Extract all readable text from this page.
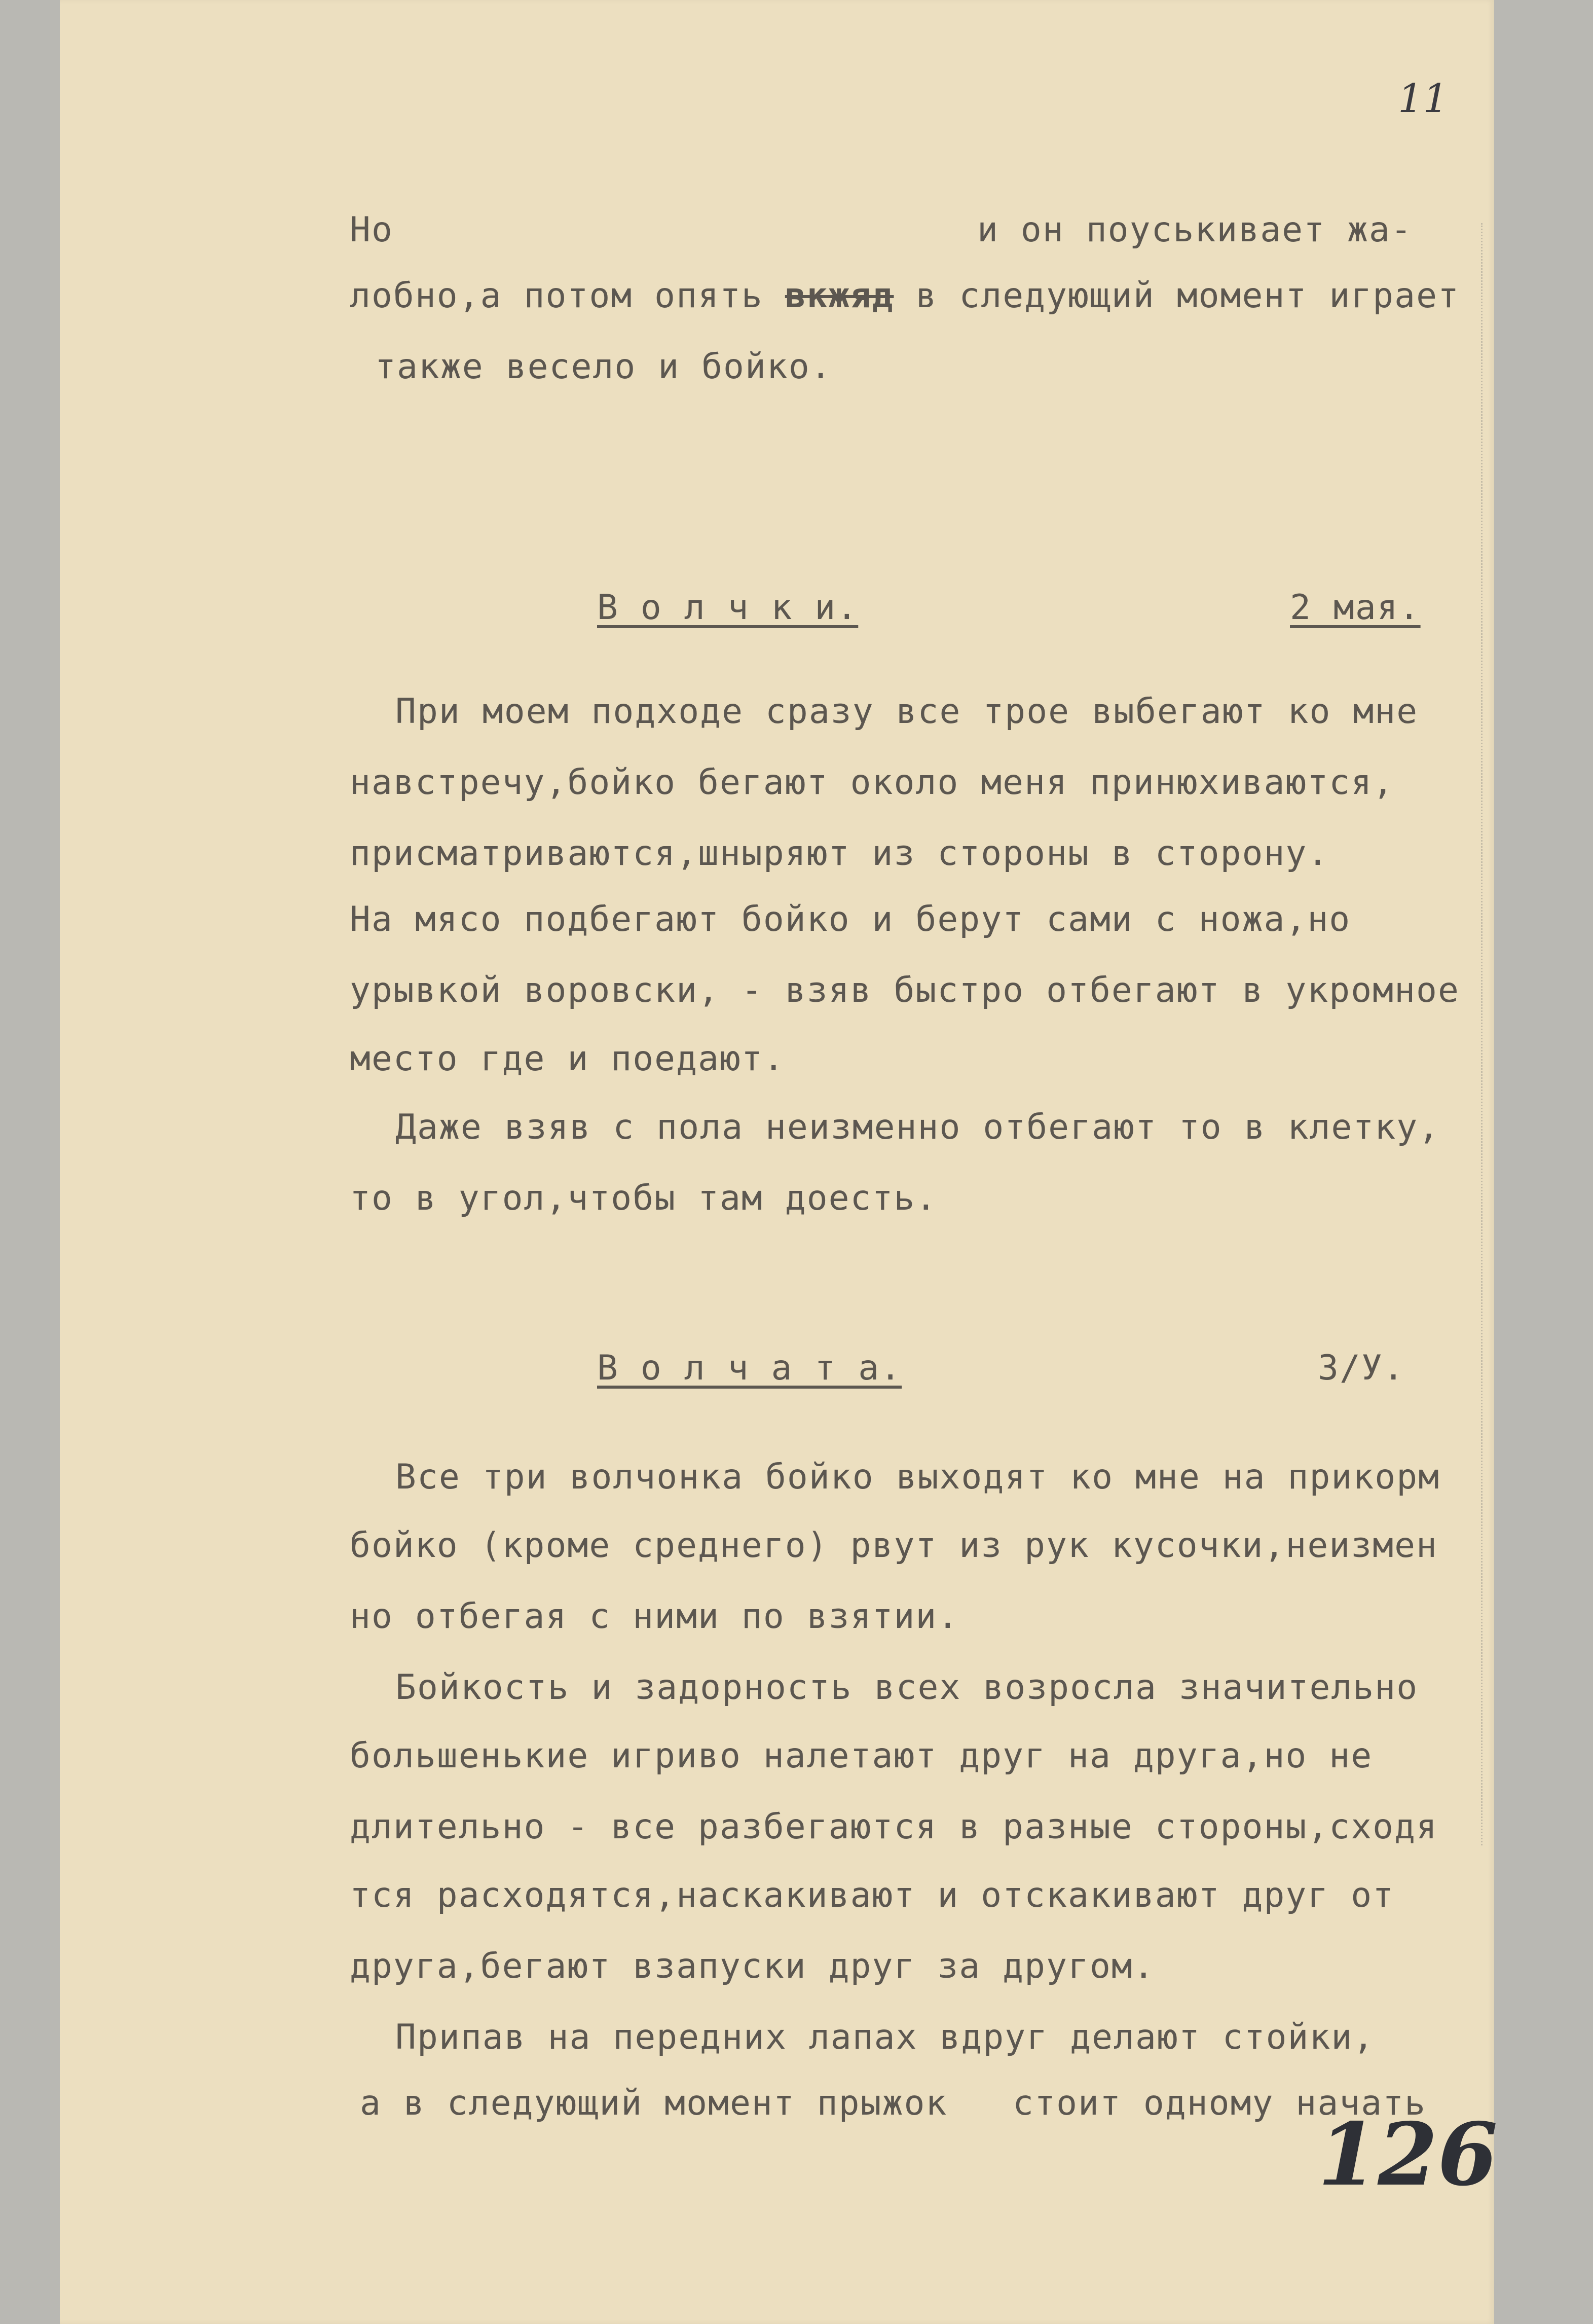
11
Но	и он поуськивает жа-
лобно,а потом опять вкжяд в следующий момент играет
также весело и бойко.
В о л ч к и.	2 мая.
При моем подходе сразу все трое выбегают ко мне
навстречу,бойко бегают около меня принюхиваются,
присматриваются,шныряют из стороны в сторону.
На мясо подбегают бойко и берут сами с ножа,но
урывкой воровски, - взяв быстро отбегают в укромное
место где и поедают.
Даже взяв с пола неизменно отбегают то в клетку,
то в угол,чтобы там доесть.
В о л ч а т а.	3/У.
Все три волчонка бойко выходят ко мне на прикорм
бойко (кроме среднего) рвут из рук кусочки,неизмен
но отбегая с ними по взятии.
Бойкость и задорность всех возросла значительно
большенькие игриво налетают друг на друга,но не
длительно - все разбегаются в разные стороны,сходя
тся расходятся,наскакивают и отскакивают друг от
друга,бегают взапуски друг за другом.
Припав на передних лапах вдруг делают стойки,
а в следующий момент прыжок   стоит одному начать
126
